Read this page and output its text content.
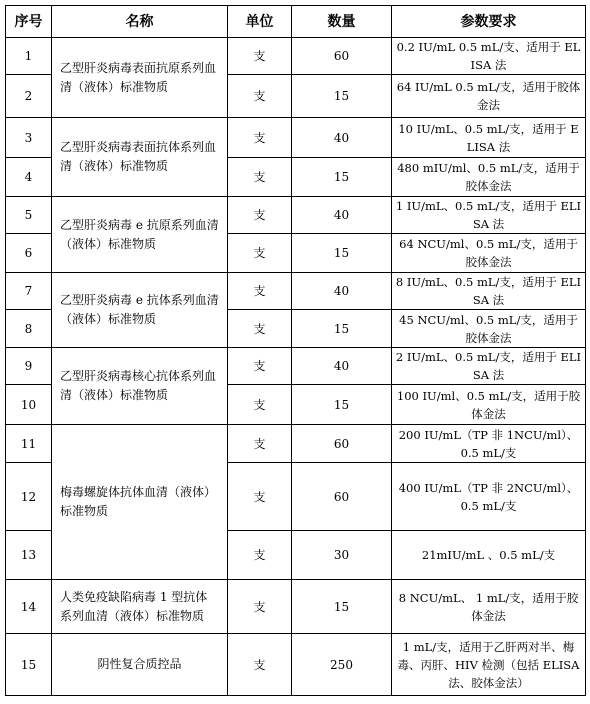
序号	名称	单位	数量	参数要求
1	乙型肝炎病毒表面抗原系列血清（液体）标准物质	支	60	0.2 IU/mL 0.5 mL/支、适用于 ELISA 法
2		支	15	64 IU/mL 0.5 mL/支，适用于胶体金法
3	乙型肝炎病毒表面抗体系列血清（液体）标准物质	支	40	10 IU/mL、0.5 mL/支，适用于 ELISA 法
4		支	15	480 mIU/ml、0.5 mL/支，适用于胶体金法
5	乙型肝炎病毒 e 抗原系列血清（液体）标准物质	支	40	1 IU/mL、0.5 mL/支，适用于 ELISA 法
6		支	15	64 NCU/ml、0.5 mL/支，适用于胶体金法
7	乙型肝炎病毒 e 抗体系列血清（液体）标准物质	支	40	8 IU/mL、0.5 mL/支，适用于 ELISA 法
8		支	15	45 NCU/ml、0.5 mL/支，适用于胶体金法
9	乙型肝炎病毒核心抗体系列血清（液体）标准物质	支	40	2 IU/mL、0.5 mL/支，适用于 ELISA 法
10		支	15	100 IU/ml、0.5 mL/支，适用于胶体金法
11	梅毒螺旋体抗体血清（液体）标准物质	支	60	200 IU/mL（TP 非 1NCU/ml）、0.5 mL/支
12		支	60	400 IU/mL（TP 非 2NCU/ml）、 0.5 mL/支
13		支	30	21mIU/mL 、0.5 mL/支
14	人类免疫缺陷病毒 1 型抗体系列血清（液体）标准物质	支	15	8 NCU/mL、 1 mL/支，适用于胶体金法
15	阴性复合质控品	支	250	1 mL/支，适用于乙肝两对半、梅毒、丙肝、HIV 检测（包括 ELISA 法、胶体金法）
